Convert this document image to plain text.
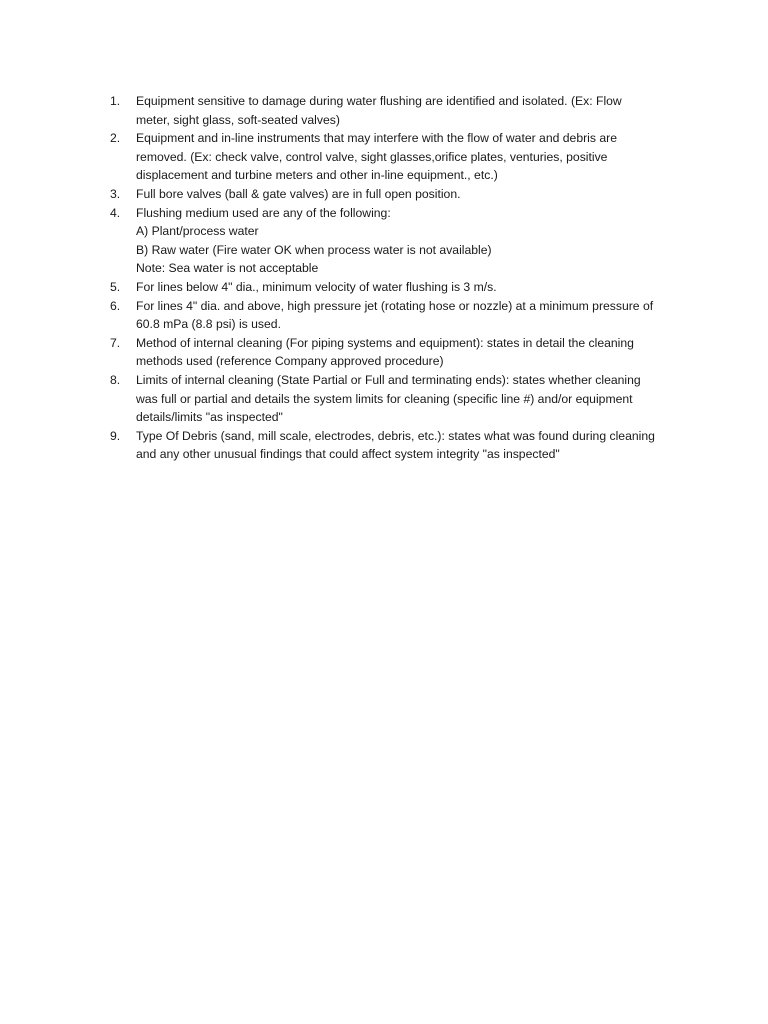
1.	Equipment sensitive to damage during water flushing are identified and isolated. (Ex: Flow
meter, sight glass, soft-seated valves)
2.	Equipment and in-line instruments that may interfere with the flow of water and debris are
removed. (Ex: check valve, control valve, sight glasses,orifice plates, venturies, positive
displacement and turbine meters and other in-line equipment., etc.)
3.	Full bore valves (ball & gate valves) are in full open position.
4.	Flushing medium used are any of the following:
A) Plant/process water
B) Raw water (Fire water OK when process water is not available)
Note: Sea water is not acceptable
5.	For lines below 4" dia., minimum velocity of water flushing is 3 m/s.
6.	For lines 4" dia. and above, high pressure jet (rotating hose or nozzle) at a minimum pressure of
60.8 mPa (8.8 psi) is used.
7.	Method of internal cleaning (For piping systems and equipment): states in detail the cleaning
methods used (reference Company approved procedure)
8.	Limits of internal cleaning (State Partial or Full and terminating ends): states whether cleaning
was full or partial and details the system limits for cleaning (specific line #) and/or equipment
details/limits "as inspected"
9.	Type Of Debris (sand, mill scale, electrodes, debris, etc.): states what was found during cleaning
and any other unusual findings that could affect system integrity "as inspected"
